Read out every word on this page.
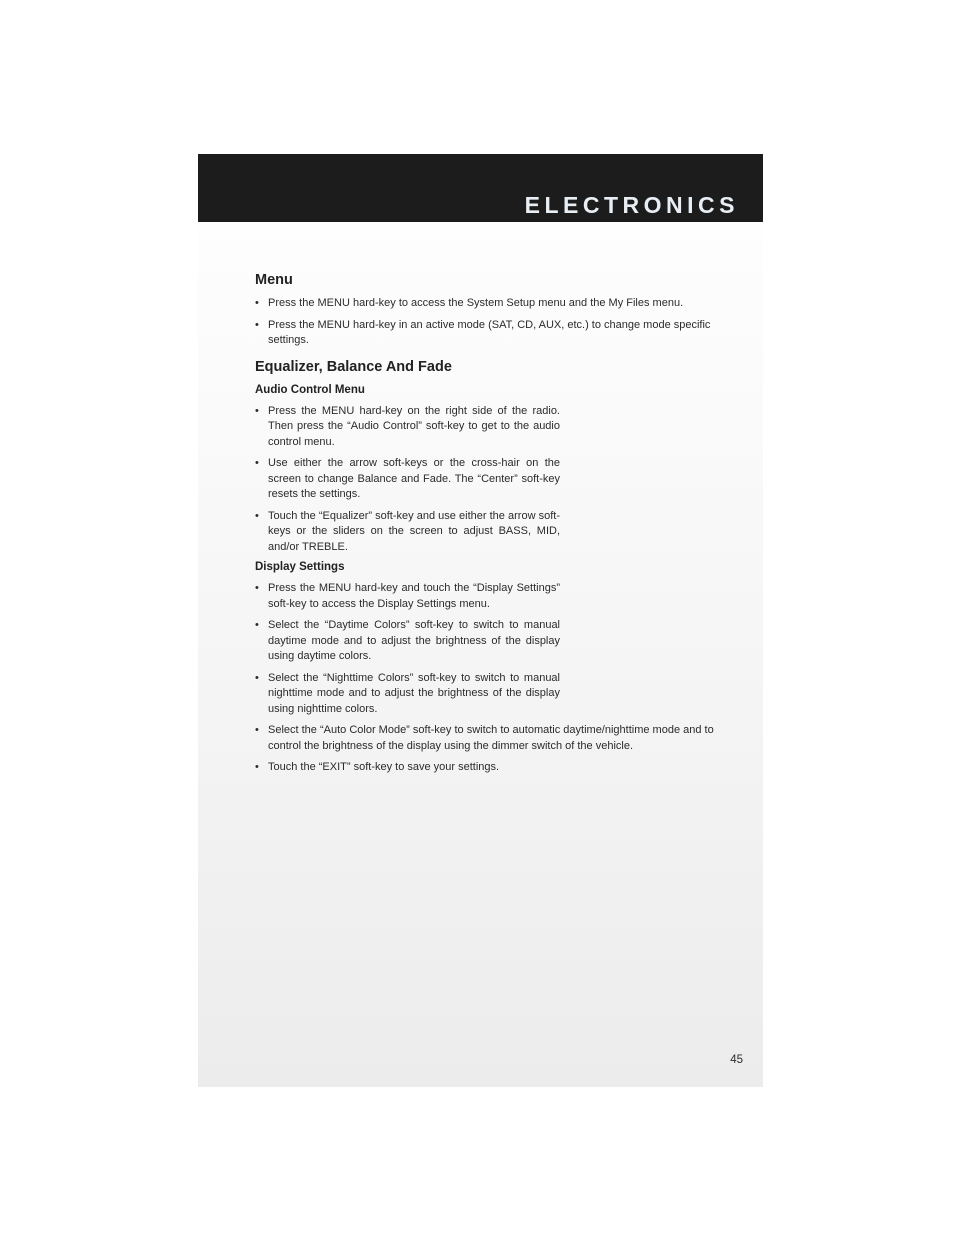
ELECTRONICS
Menu
• Press the MENU hard-key to access the System Setup menu and the My Files menu.
• Press the MENU hard-key in an active mode (SAT, CD, AUX, etc.) to change mode specific settings.
Equalizer, Balance And Fade
Audio Control Menu
• Press the MENU hard-key on the right side of the radio. Then press the “Audio Control” soft-key to get to the audio control menu.
• Use either the arrow soft-keys or the cross-hair on the screen to change Balance and Fade. The “Center” soft-key resets the settings.
• Touch the “Equalizer” soft-key and use either the arrow soft-keys or the sliders on the screen to adjust BASS, MID, and/or TREBLE.
Display Settings
• Press the MENU hard-key and touch the “Display Settings” soft-key to access the Display Settings menu.
• Select the “Daytime Colors” soft-key to switch to manual daytime mode and to adjust the brightness of the display using daytime colors.
• Select the “Nighttime Colors” soft-key to switch to manual nighttime mode and to adjust the brightness of the display using nighttime colors.
• Select the “Auto Color Mode” soft-key to switch to automatic daytime/nighttime mode and to control the brightness of the display using the dimmer switch of the vehicle.
• Touch the “EXIT” soft-key to save your settings.
45
